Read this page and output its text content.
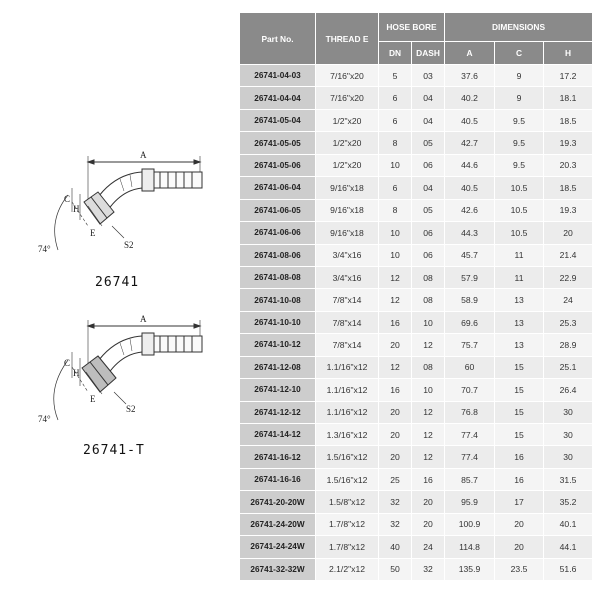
A
C
H
E
S2
74°
26741
A
C
H
E
S2
74°
26741-T
Part No.	THREAD E	HOSE BORE		DIMENSIONS		
		DN	DASH	A	C	H
26741-04-03	7/16"x20	5	03	37.6	9	17.2
26741-04-04	7/16"x20	6	04	40.2	9	18.1
26741-05-04	1/2"x20	6	04	40.5	9.5	18.5
26741-05-05	1/2"x20	8	05	42.7	9.5	19.3
26741-05-06	1/2"x20	10	06	44.6	9.5	20.3
26741-06-04	9/16"x18	6	04	40.5	10.5	18.5
26741-06-05	9/16"x18	8	05	42.6	10.5	19.3
26741-06-06	9/16"x18	10	06	44.3	10.5	20
26741-08-06	3/4"x16	10	06	45.7	11	21.4
26741-08-08	3/4"x16	12	08	57.9	11	22.9
26741-10-08	7/8"x14	12	08	58.9	13	24
26741-10-10	7/8"x14	16	10	69.6	13	25.3
26741-10-12	7/8"x14	20	12	75.7	13	28.9
26741-12-08	1.1/16"x12	12	08	60	15	25.1
26741-12-10	1.1/16"x12	16	10	70.7	15	26.4
26741-12-12	1.1/16"x12	20	12	76.8	15	30
26741-14-12	1.3/16"x12	20	12	77.4	15	30
26741-16-12	1.5/16"x12	20	12	77.4	16	30
26741-16-16	1.5/16"x12	25	16	85.7	16	31.5
26741-20-20W	1.5/8"x12	32	20	95.9	17	35.2
26741-24-20W	1.7/8"x12	32	20	100.9	20	40.1
26741-24-24W	1.7/8"x12	40	24	114.8	20	44.1
26741-32-32W	2.1/2"x12	50	32	135.9	23.5	51.6
